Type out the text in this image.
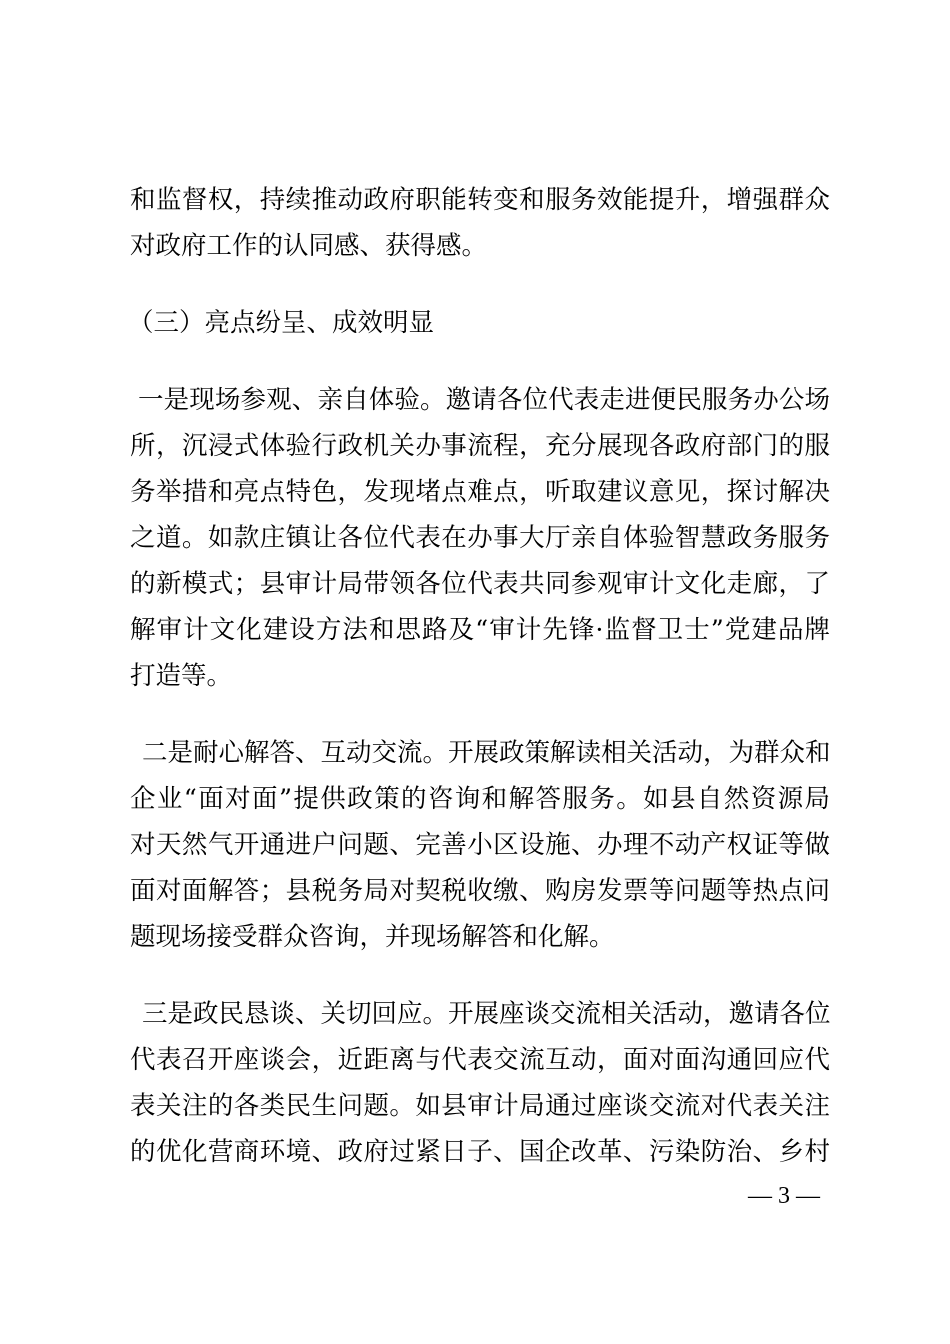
和监督权，持续推动政府职能转变和服务效能提升，增强群众
对政府工作的认同感、获得感。
（三）亮点纷呈、成效明显
一是现场参观、亲自体验。邀请各位代表走进便民服务办公场
所，沉浸式体验行政机关办事流程，充分展现各政府部门的服
务举措和亮点特色，发现堵点难点，听取建议意见，探讨解决
之道。如款庄镇让各位代表在办事大厅亲自体验智慧政务服务
的新模式；县审计局带领各位代表共同参观审计文化走廊，了
解审计文化建设方法和思路及“审计先锋·监督卫士”党建品牌
打造等。
二是耐心解答、互动交流。开展政策解读相关活动，为群众和
企业“面对面”提供政策的咨询和解答服务。如县自然资源局
对天然气开通进户问题、完善小区设施、办理不动产权证等做
面对面解答；县税务局对契税收缴、购房发票等问题等热点问
题现场接受群众咨询，并现场解答和化解。
三是政民恳谈、关切回应。开展座谈交流相关活动，邀请各位
代表召开座谈会，近距离与代表交流互动，面对面沟通回应代
表关注的各类民生问题。如县审计局通过座谈交流对代表关注
的优化营商环境、政府过紧日子、国企改革、污染防治、乡村
— 3 —
